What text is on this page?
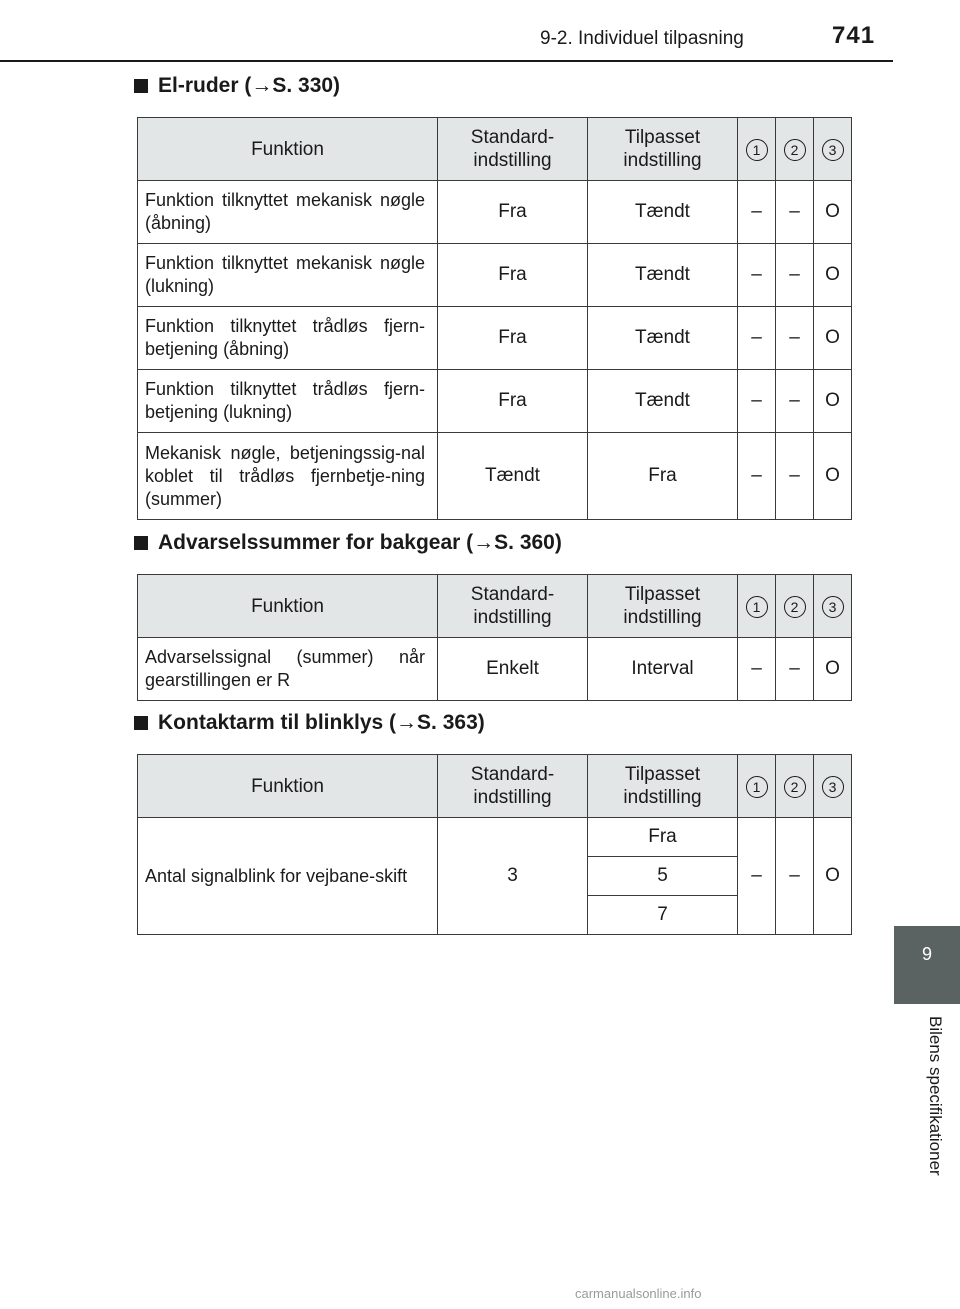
9-2. Individuel tilpasning	741
9
Bilens specifikationer
El-ruder ( → S. 330)
Funktion	Standard-indstilling	Tilpasset indstilling	1	2	3
Funktion tilknyttet mekanisk nøgle (åbning)	Fra	Tændt	–	–	O
Funktion tilknyttet mekanisk nøgle (lukning)	Fra	Tændt	–	–	O
Funktion tilknyttet trådløs fjern-betjening (åbning)	Fra	Tændt	–	–	O
Funktion tilknyttet trådløs fjern-betjening (lukning)	Fra	Tændt	–	–	O
Mekanisk nøgle, betjeningssig-nal koblet til trådløs fjernbetje-ning (summer)	Tændt	Fra	–	–	O
Advarselssummer for bakgear ( → S. 360)
Funktion	Standard-indstilling	Tilpasset indstilling	1	2	3
Advarselssignal (summer) når gearstillingen er R	Enkelt	Interval	–	–	O
Kontaktarm til blinklys ( → S. 363)
Funktion	Standard-indstilling	Tilpasset indstilling	1	2	3
Antal signalblink for vejbane-skift	3	Fra	–	–	O
		5			
		7			
carmanualsonline.info
